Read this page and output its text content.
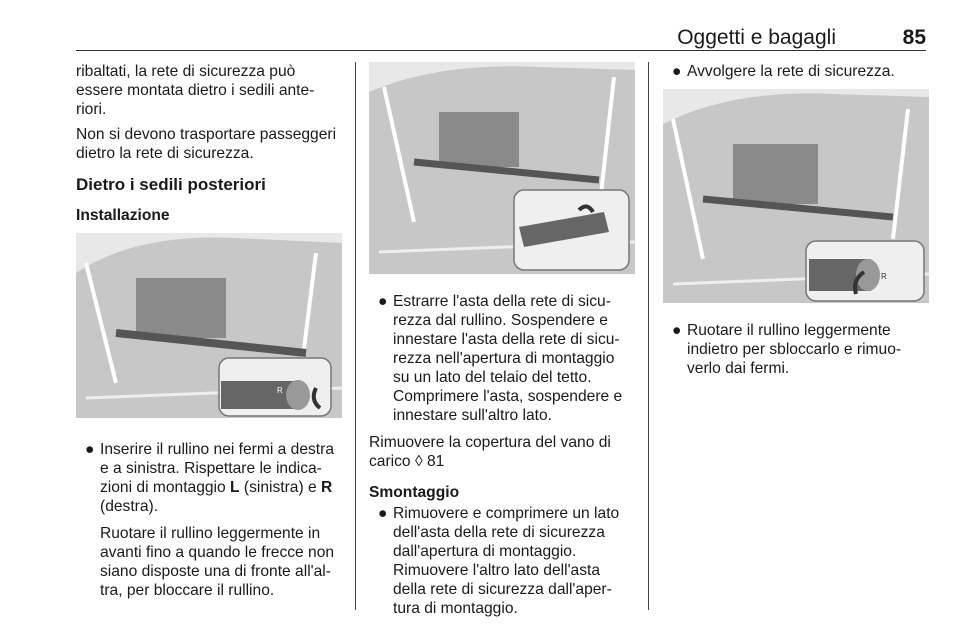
Oggetti e bagagli	85

ribaltati, la rete di sicurezza può essere montata dietro i sedili ante-riori.

Non si devono trasportare passeggeri dietro la rete di sicurezza.

Dietro i sedili posteriori
Installazione
R
● Inserire il rullino nei fermi a destra e a sinistra. Rispettare le indica-zioni di montaggio L (sinistra) e R (destra).

Ruotare il rullino leggermente in avanti fino a quando le frecce non siano disposte una di fronte all'al-tra, per bloccare il rullino.

● Estrarre l'asta della rete di sicu-rezza dal rullino. Sospendere e innestare l'asta della rete di sicu-rezza nell'apertura di montaggio su un lato del telaio del tetto. Comprimere l'asta, sospendere e innestare sull'altro lato.

Rimuovere la copertura del vano di carico ◊ 81

Smontaggio
● Rimuovere e comprimere un lato dell'asta della rete di sicurezza dall'apertura di montaggio. Rimuovere l'altro lato dell'asta della rete di sicurezza dall'aper-tura di montaggio.
● Avvolgere la rete di sicurezza.
R
● Ruotare il rullino leggermente indietro per sbloccarlo e rimuo-verlo dai fermi.
